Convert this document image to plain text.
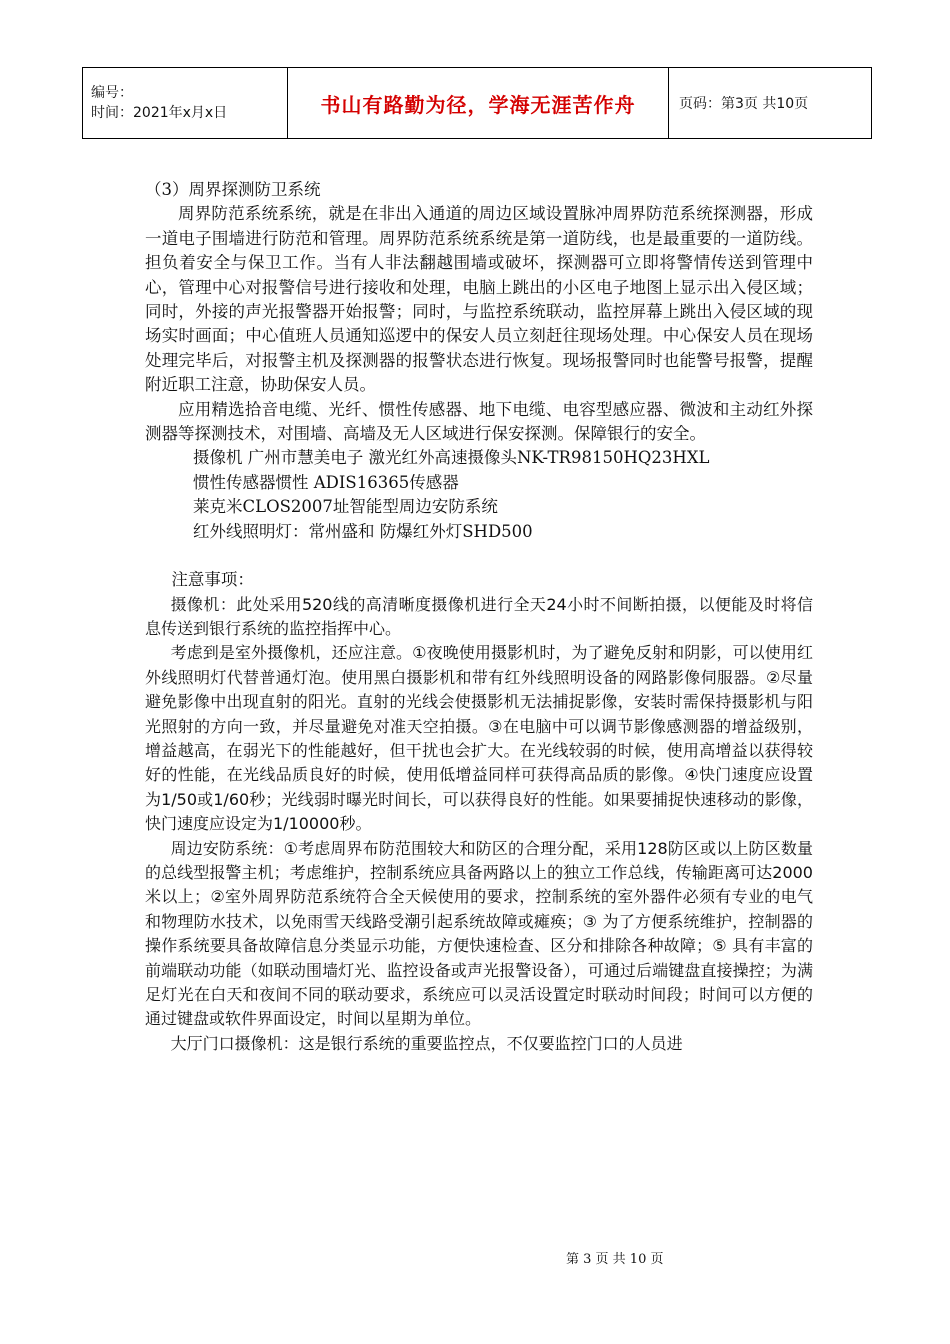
编号：
时间：2021年x月x日	书山有路勤为径，学海无涯苦作舟	页码：第3页 共10页

（3）周界探测防卫系统

周界防范系统系统，就是在非出入通道的周边区域设置脉冲周界防范系统探测器，形成一道电子围墙进行防范和管理。周界防范系统系统是第一道防线，也是最重要的一道防线。担负着安全与保卫工作。当有人非法翻越围墙或破坏，探测器可立即将警情传送到管理中心，管理中心对报警信号进行接收和处理，电脑上跳出的小区电子地图上显示出入侵区域；同时，外接的声光报警器开始报警；同时，与监控系统联动，监控屏幕上跳出入侵区域的现场实时画面；中心值班人员通知巡逻中的保安人员立刻赶往现场处理。中心保安人员在现场处理完毕后，对报警主机及探测器的报警状态进行恢复。现场报警同时也能警号报警，提醒附近职工注意，协助保安人员。

应用精选拾音电缆、光纤、惯性传感器、地下电缆、电容型感应器、微波和主动红外探测器等探测技术，对围墙、高墙及无人区域进行保安探测。保障银行的安全。

摄像机 广州市慧美电子 激光红外高速摄像头NK-TR98150HQ23HXL

惯性传感器惯性 ADIS16365传感器

莱克米CLOS2007址智能型周边安防系统

红外线照明灯：常州盛和 防爆红外灯SHD500

注意事项：

摄像机：此处采用520线的高清晰度摄像机进行全天24小时不间断拍摄，以便能及时将信息传送到银行系统的监控指挥中心。

考虑到是室外摄像机，还应注意。①夜晚使用摄影机时，为了避免反射和阴影，可以使用红外线照明灯代替普通灯泡。使用黑白摄影机和带有红外线照明设备的网路影像伺服器。②尽量避免影像中出现直射的阳光。直射的光线会使摄影机无法捕捉影像，安装时需保持摄影机与阳光照射的方向一致，并尽量避免对准天空拍摄。③在电脑中可以调节影像感测器的增益级别，增益越高，在弱光下的性能越好，但干扰也会扩大。在光线较弱的时候，使用高增益以获得较好的性能，在光线品质良好的时候，使用低增益同样可获得高品质的影像。④快门速度应设置为1/50或1/60秒；光线弱时曝光时间长，可以获得良好的性能。如果要捕捉快速移动的影像，快门速度应设定为1/10000秒。

周边安防系统：①考虑周界布防范围较大和防区的合理分配，采用128防区或以上防区数量的总线型报警主机；考虑维护，控制系统应具备两路以上的独立工作总线，传输距离可达2000米以上；②室外周界防范系统符合全天候使用的要求，控制系统的室外器件必须有专业的电气和物理防水技术，以免雨雪天线路受潮引起系统故障或瘫痪；③ 为了方便系统维护，控制器的操作系统要具备故障信息分类显示功能，方便快速检查、区分和排除各种故障；⑤ 具有丰富的前端联动功能（如联动围墙灯光、监控设备或声光报警设备），可通过后端键盘直接操控；为满足灯光在白天和夜间不同的联动要求，系统应可以灵活设置定时联动时间段；时间可以方便的通过键盘或软件界面设定，时间以星期为单位。

大厅门口摄像机：这是银行系统的重要监控点，不仅要监控门口的人员进

第 3 页 共 10 页
